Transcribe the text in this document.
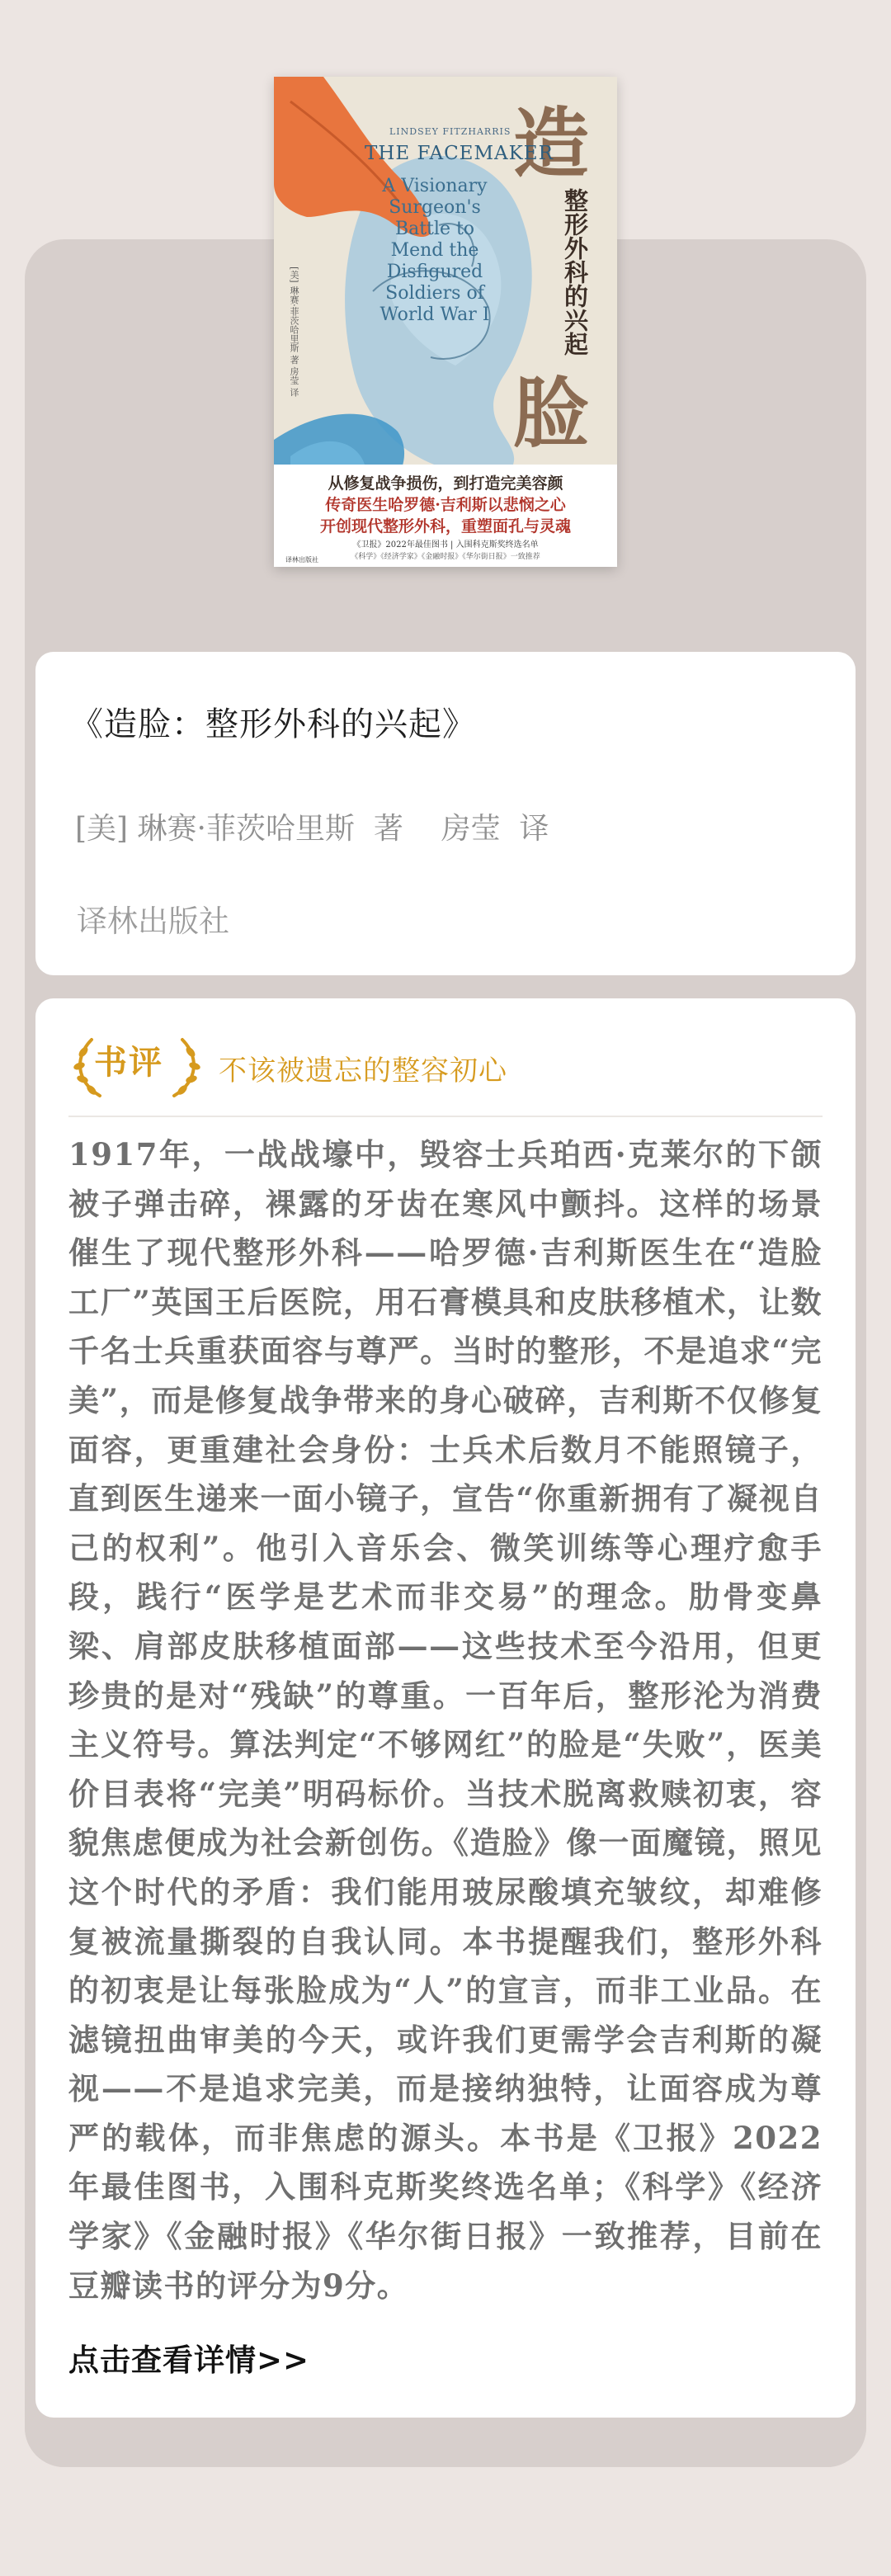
造
整形外科的兴起
脸
LINDSEY FITZHARRIS
THE FACEMAKER
A Visionary Surgeon's Battle to Mend the Disfigured Soldiers of World War I
[美] 琳赛·菲茨哈里斯 著 房莹 译
从修复战争损伤，到打造完美容颜
传奇医生哈罗德·吉利斯以悲悯之心
开创现代整形外科，重塑面孔与灵魂
《卫报》2022年最佳图书 | 入围科克斯奖终选名单
《科学》《经济学家》《金融时报》《华尔街日报》一致推荐
译林出版社
《造脸：整形外科的兴起》
[美] 琳赛·菲茨哈里斯  著    房莹  译
译林出版社
书评 不该被遗忘的整容初心
1917年，一战战壕中，毁容士兵珀西·克莱尔的下颌被子弹击碎，裸露的牙齿在寒风中颤抖。这样的场景催生了现代整形外科——哈罗德·吉利斯医生在“造脸工厂”英国王后医院，用石膏模具和皮肤移植术，让数千名士兵重获面容与尊严。当时的整形，不是追求“完美”，而是修复战争带来的身心破碎，吉利斯不仅修复面容，更重建社会身份：士兵术后数月不能照镜子，直到医生递来一面小镜子，宣告“你重新拥有了凝视自己的权利”。他引入音乐会、微笑训练等心理疗愈手段，践行“医学是艺术而非交易”的理念。肋骨变鼻梁、肩部皮肤移植面部——这些技术至今沿用，但更珍贵的是对“残缺”的尊重。一百年后，整形沦为消费主义符号。算法判定“不够网红”的脸是“失败”，医美价目表将“完美”明码标价。当技术脱离救赎初衷，容貌焦虑便成为社会新创伤。《造脸》像一面魔镜，照见这个时代的矛盾：我们能用玻尿酸填充皱纹，却难修复被流量撕裂的自我认同。本书提醒我们，整形外科的初衷是让每张脸成为“人”的宣言，而非工业品。在滤镜扭曲审美的今天，或许我们更需学会吉利斯的凝视——不是追求完美，而是接纳独特，让面容成为尊严的载体，而非焦虑的源头。本书是《卫报》2022年最佳图书，入围科克斯奖终选名单；《科学》《经济学家》《金融时报》《华尔街日报》一致推荐，目前在豆瓣读书的评分为9分。
点击查看详情>>
